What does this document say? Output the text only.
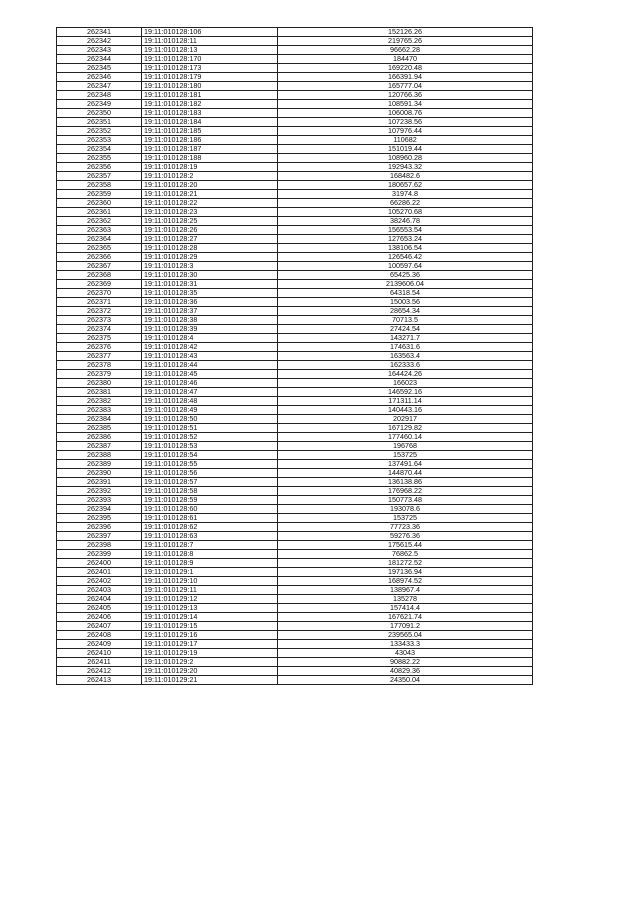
262341	19:11:010128:106	152126.26
262342	19:11:010128:11	219765.26
262343	19:11:010128:13	96662.28
262344	19:11:010128:170	184470
262345	19:11:010128:173	169220.48
262346	19:11:010128:179	166391.94
262347	19:11:010128:180	165777.04
262348	19:11:010128:181	120766.36
262349	19:11:010128:182	108591.34
262350	19:11:010128:183	106008.76
262351	19:11:010128:184	107238.56
262352	19:11:010128:185	107976.44
262353	19:11:010128:186	110682
262354	19:11:010128:187	151019.44
262355	19:11:010128:188	108960.28
262356	19:11:010128:19	192943.32
262357	19:11:010128:2	168482.6
262358	19:11:010128:20	180657.62
262359	19:11:010128:21	31974.8
262360	19:11:010128:22	66286.22
262361	19:11:010128:23	105270.68
262362	19:11:010128:25	38246.78
262363	19:11:010128:26	156553.54
262364	19:11:010128:27	127653.24
262365	19:11:010128:28	138106.54
262366	19:11:010128:29	126546.42
262367	19:11:010128:3	100597.64
262368	19:11:010128:30	65425.36
262369	19:11:010128:31	2139606.04
262370	19:11:010128:35	64318.54
262371	19:11:010128:36	15003.56
262372	19:11:010128:37	28654.34
262373	19:11:010128:38	70713.5
262374	19:11:010128:39	27424.54
262375	19:11:010128:4	143271.7
262376	19:11:010128:42	174631.6
262377	19:11:010128:43	163563.4
262378	19:11:010128:44	162333.6
262379	19:11:010128:45	164424.26
262380	19:11:010128:46	166023
262381	19:11:010128:47	146592.16
262382	19:11:010128:48	171311.14
262383	19:11:010128:49	140443.16
262384	19:11:010128:50	202917
262385	19:11:010128:51	167129.82
262386	19:11:010128:52	177460.14
262387	19:11:010128:53	196768
262388	19:11:010128:54	153725
262389	19:11:010128:55	137491.64
262390	19:11:010128:56	144870.44
262391	19:11:010128:57	136138.86
262392	19:11:010128:58	176968.22
262393	19:11:010128:59	150773.48
262394	19:11:010128:60	193078.6
262395	19:11:010128:61	153725
262396	19:11:010128:62	77723.36
262397	19:11:010128:63	59276.36
262398	19:11:010128:7	175615.44
262399	19:11:010128:8	76862.5
262400	19:11:010128:9	181272.52
262401	19:11:010129:1	197136.94
262402	19:11:010129:10	168974.52
262403	19:11:010129:11	138967.4
262404	19:11:010129:12	135278
262405	19:11:010129:13	157414.4
262406	19:11:010129:14	167621.74
262407	19:11:010129:15	177091.2
262408	19:11:010129:16	239565.04
262409	19:11:010129:17	133433.3
262410	19:11:010129:19	43043
262411	19:11:010129:2	90882.22
262412	19:11:010129:20	40829.36
262413	19:11:010129:21	24350.04
